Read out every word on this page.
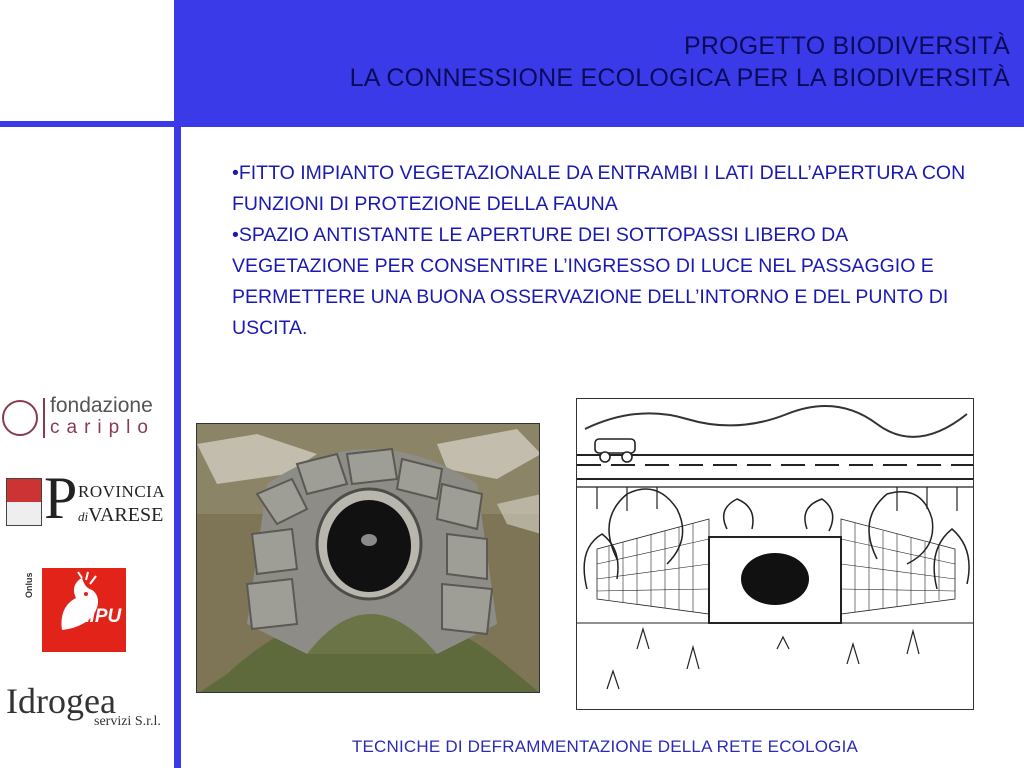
PROGETTO BIODIVERSITÀ
LA CONNESSIONE ECOLOGICA PER LA BIODIVERSITÀ
fondazione
cariplo
P ROVINCIA
diVARESE
Onlus
LIPU
Idrogea
servizi S.r.l.
•FITTO IMPIANTO VEGETAZIONALE DA ENTRAMBI I LATI DELL’APERTURA CON FUNZIONI DI PROTEZIONE DELLA FAUNA
•SPAZIO ANTISTANTE LE APERTURE DEI SOTTOPASSI LIBERO DA VEGETAZIONE PER CONSENTIRE L’INGRESSO DI LUCE NEL PASSAGGIO E PERMETTERE UNA BUONA OSSERVAZIONE DELL’INTORNO E DEL PUNTO DI USCITA.
TECNICHE DI DEFRAMMENTAZIONE DELLA RETE ECOLOGIA
